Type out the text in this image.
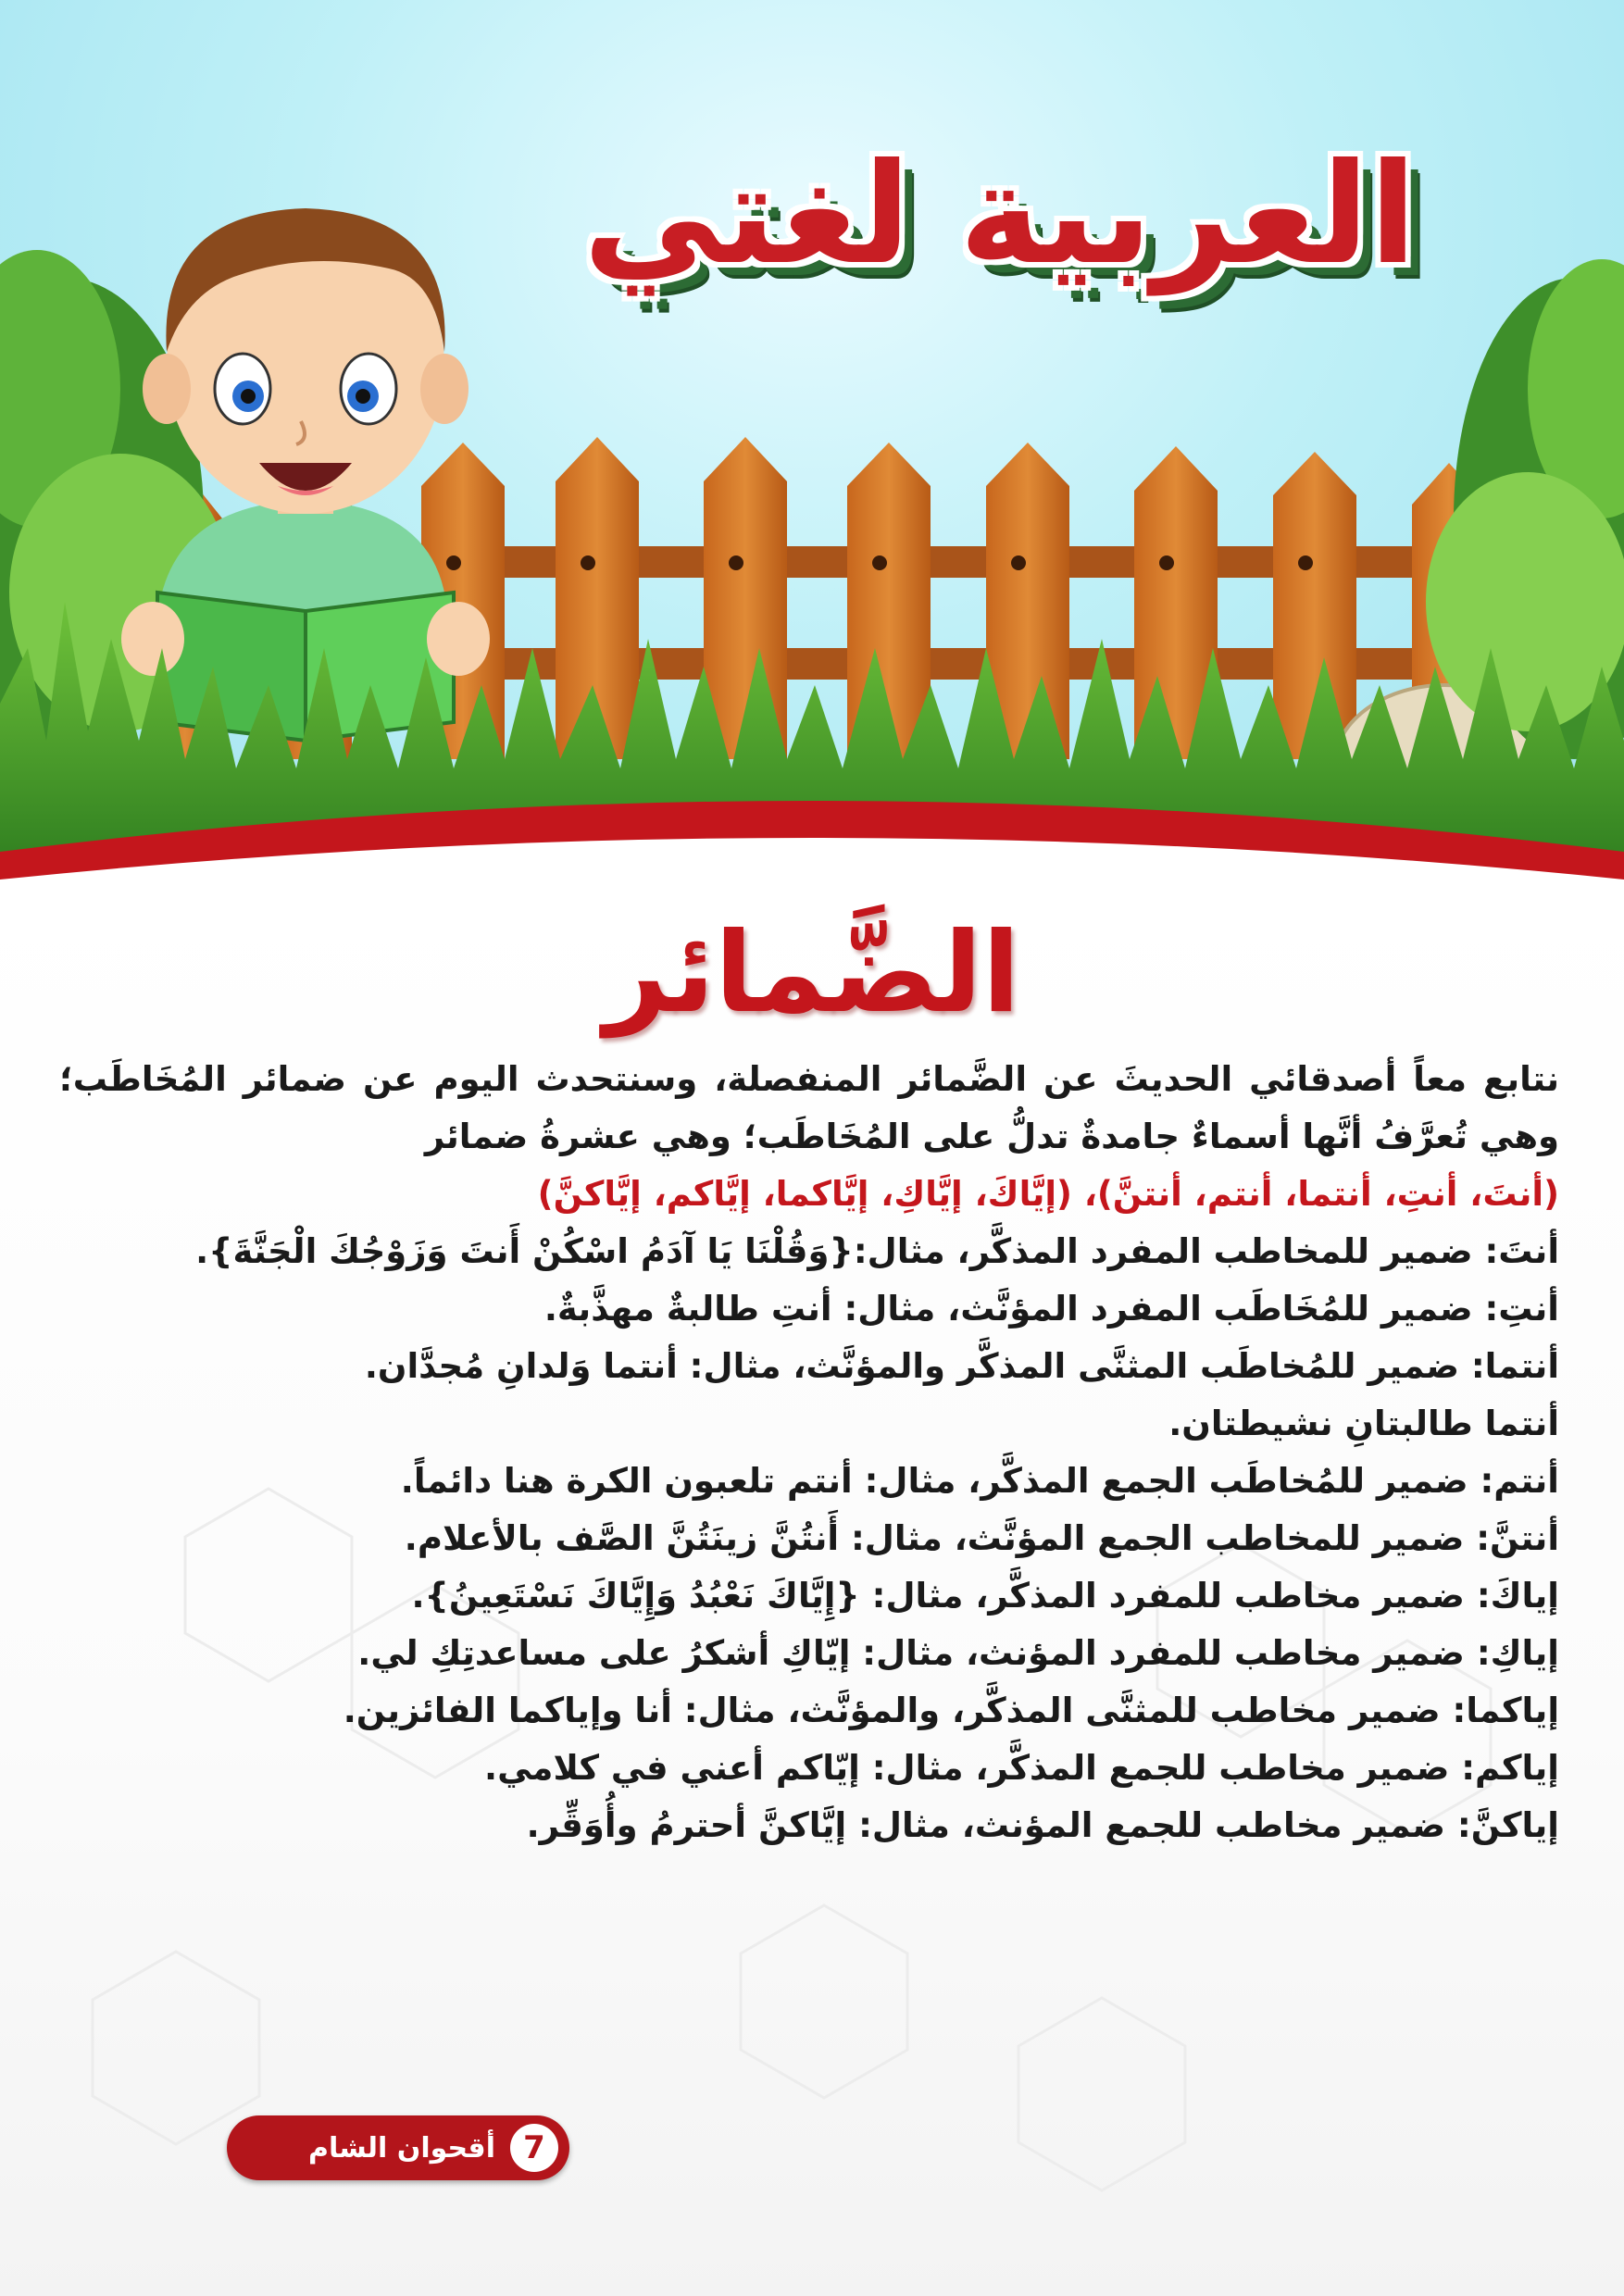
العربية لغتي
الضَّمائر

نتابع معاً أصدقائي الحديثَ عن الضَّمائر المنفصلة، وسنتحدث اليوم عن ضمائر المُخَاطَب؛ وهي تُعرَّفُ أنَّها أسماءٌ جامدةٌ تدلُّ على المُخَاطَب؛ وهي عشرةُ ضمائر
(أنتَ، أنتِ، أنتما، أنتم، أنتنَّ)، (إيَّاكَ، إيَّاكِ، إيَّاكما، إيَّاكم، إيَّاكنَّ)

أنتَ: ضمير للمخاطب المفرد المذكَّر، مثال:{وَقُلْنَا يَا آدَمُ اسْكُنْ أَنتَ وَزَوْجُكَ الْجَنَّةَ}.

أنتِ: ضمير للمُخَاطَب المفرد المؤنَّث، مثال: أنتِ طالبةٌ مهذَّبةٌ.

أنتما: ضمير للمُخاطَب المثنَّى المذكَّر والمؤنَّث، مثال: أنتما وَلدانِ مُجدَّان.

أنتما طالبتانِ نشيطتان.

أنتم: ضمير للمُخاطَب الجمع المذكَّر، مثال: أنتم تلعبون الكرة هنا دائماً.

أنتنَّ: ضمير للمخاطب الجمع المؤنَّث، مثال: أَنتُنَّ زينَتُنَّ الصَّف بالأعلام.

إياكَ: ضمير مخاطب للمفرد المذكَّر، مثال: {إِيَّاكَ نَعْبُدُ وَإِيَّاكَ نَسْتَعِينُ}.

إياكِ: ضمير مخاطب للمفرد المؤنث، مثال: إيّاكِ أشكرُ على مساعدتِكِ لي.

إياكما: ضمير مخاطب للمثنَّى المذكَّر، والمؤنَّث، مثال: أنا وإياكما الفائزين.

إياكم: ضمير مخاطب للجمع المذكَّر، مثال: إيّاكم أعني في كلامي.

إياكنَّ: ضمير مخاطب للجمع المؤنث، مثال: إيَّاكنَّ أحترمُ وأُوَقِّر.

7
أقحوان الشام
